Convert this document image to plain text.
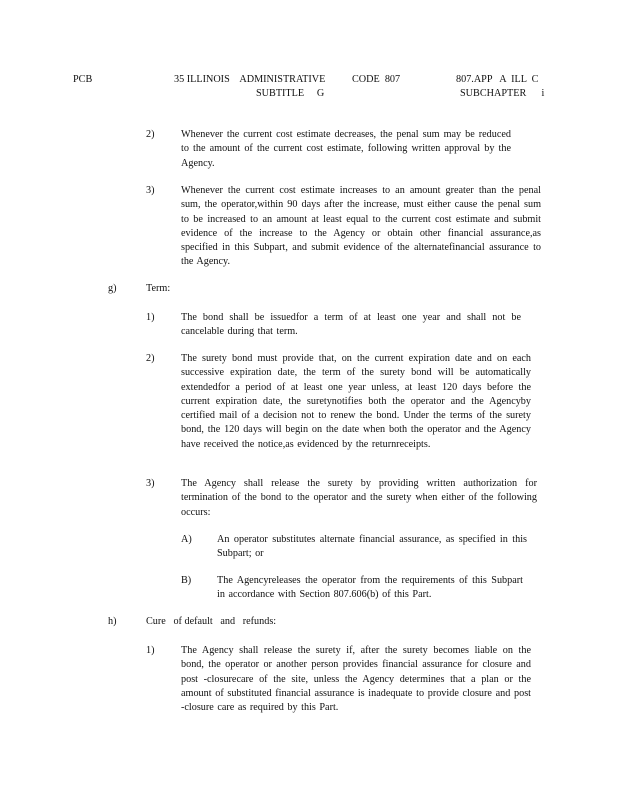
PCB	35 ILLINOIS    ADMINISTRATIVE	CODE  807	807.APP   A  ILL  C
SUBTITLE     G	SUBCHAPTER      i
2)	Whenever the current cost estimate decreases, the penal sum may be reduced to the amount of the current cost estimate, following written approval by the Agency.
3)	Whenever the current cost estimate increases to an amount greater than the penal sum, the operator,within 90 days after the increase, must either cause the penal sum to be increased to an amount at least equal to the current cost estimate and submit evidence of the increase to the Agency or obtain other financial assurance,as specified in this Subpart, and submit evidence of the alternatefinancial assurance to the Agency.
g)	Term:
1)	The bond shall be issuedfor a term of at least one year and shall not be cancelable during that term.
2)	The surety bond must provide that, on the current expiration date and on each successive expiration date, the term of the surety bond will be automatically extendedfor a period of at least one year unless, at least 120 days before the current expiration date, the suretynotifies both the operator and the Agencyby certified mail of a decision not to renew the bond. Under the terms of the surety bond, the 120 days will begin on the date when both the operator and the Agency have received the notice,as evidenced by the returnreceipts.
3)	The Agency shall release the surety by providing written authorization for termination of the bond to the operator and the surety when either of the following occurs:
A) An operator substitutes alternate financial assurance, as specified in this Subpart; or
B)	The Agencyreleases the operator from the requirements of this Subpart in accordance with Section 807.606(b) of this Part.
h)	Cure   of default   and   refunds:
1)	The Agency shall release the surety if, after the surety becomes liable on the bond, the operator or another person provides financial assurance for closure and post -closurecare of the site, unless the Agency determines that a plan or the amount of substituted financial assurance is inadequate to provide closure and post -closure care as required by this Part.
